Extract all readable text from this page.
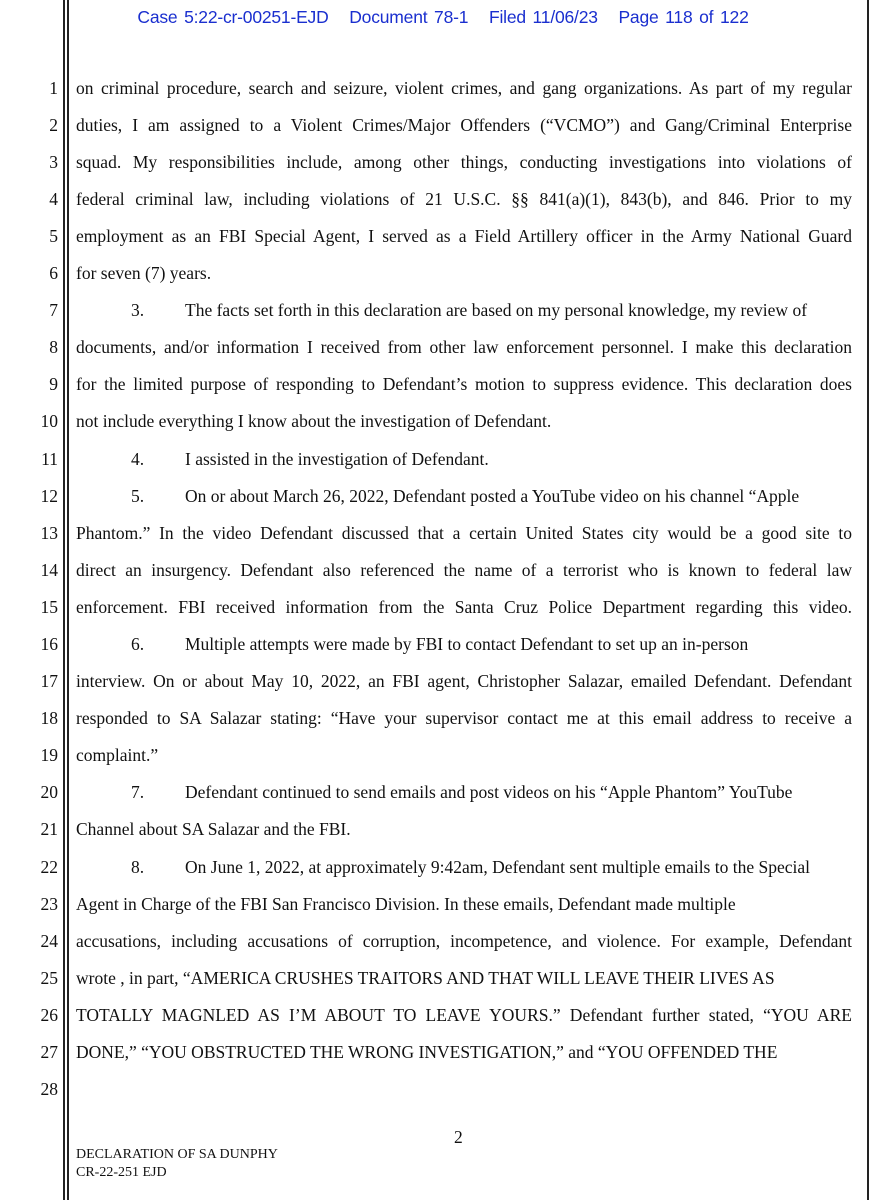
Case 5:22-cr-00251-EJD Document 78-1 Filed 11/06/23 Page 118 of 122
1
2
3
4
5
6
7
8
9
10
11
12
13
14
15
16
17
18
19
20
21
22
23
24
25
26
27
28
on criminal procedure, search and seizure, violent crimes, and gang organizations. As part of my regular
duties, I am assigned to a Violent Crimes/Major Offenders (“VCMO”) and Gang/Criminal Enterprise
squad. My responsibilities include, among other things, conducting investigations into violations of
federal criminal law, including violations of 21 U.S.C. §§ 841(a)(1), 843(b), and 846. Prior to my
employment as an FBI Special Agent, I served as a Field Artillery officer in the Army National Guard
for seven (7) years.
3. The facts set forth in this declaration are based on my personal knowledge, my review of
documents, and/or information I received from other law enforcement personnel. I make this declaration
for the limited purpose of responding to Defendant’s motion to suppress evidence. This declaration does
not include everything I know about the investigation of Defendant.
4. I assisted in the investigation of Defendant.
5. On or about March 26, 2022, Defendant posted a YouTube video on his channel “Apple
Phantom.” In the video Defendant discussed that a certain United States city would be a good site to
direct an insurgency. Defendant also referenced the name of a terrorist who is known to federal law
enforcement. FBI received information from the Santa Cruz Police Department regarding this video.
6. Multiple attempts were made by FBI to contact Defendant to set up an in-person
interview. On or about May 10, 2022, an FBI agent, Christopher Salazar, emailed Defendant. Defendant
responded to SA Salazar stating: “Have your supervisor contact me at this email address to receive a
complaint.”
7. Defendant continued to send emails and post videos on his “Apple Phantom” YouTube
Channel about SA Salazar and the FBI.
8. On June 1, 2022, at approximately 9:42am, Defendant sent multiple emails to the Special
Agent in Charge of the FBI San Francisco Division. In these emails, Defendant made multiple
accusations, including accusations of corruption, incompetence, and violence. For example, Defendant
wrote , in part, “AMERICA CRUSHES TRAITORS AND THAT WILL LEAVE THEIR LIVES AS
TOTALLY MAGNLED AS I’M ABOUT TO LEAVE YOURS.” Defendant further stated, “YOU ARE
DONE,” “YOU OBSTRUCTED THE WRONG INVESTIGATION,” and “YOU OFFENDED THE
2
DECLARATION OF SA DUNPHY
CR-22-251 EJD
